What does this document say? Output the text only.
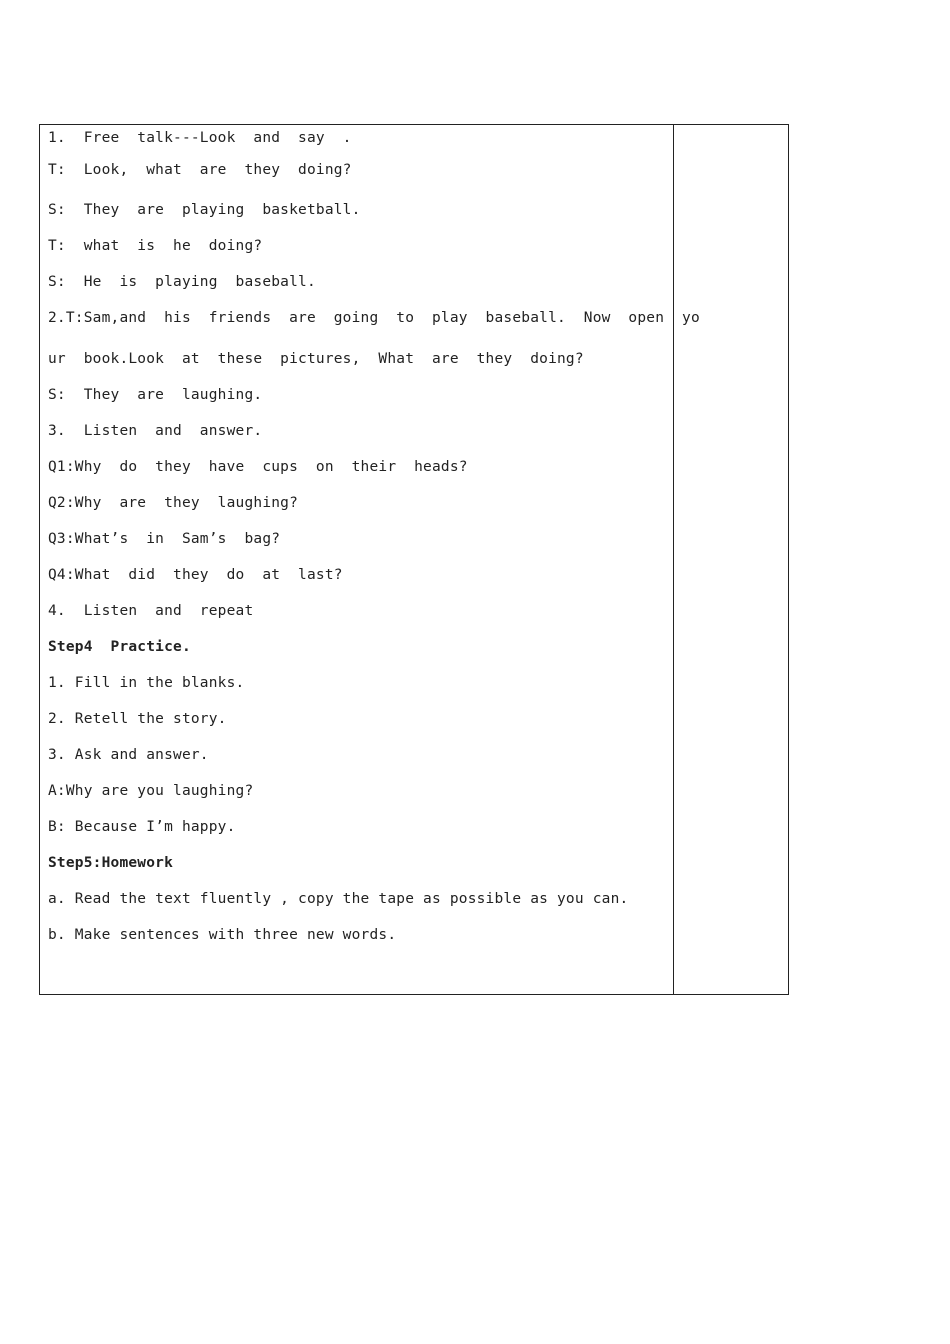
1.  Free  talk---Look  and  say  .
T:  Look,  what  are  they  doing?
S:  They  are  playing  basketball.
T:  what  is  he  doing?
S:  He  is  playing  baseball.
2.T:Sam,and  his  friends  are  going  to  play  baseball.  Now  open  yo
ur  book.Look  at  these  pictures,  What  are  they  doing?
S:  They  are  laughing.
3.  Listen  and  answer.
Q1:Why  do  they  have  cups  on  their  heads?
Q2:Why  are  they  laughing?
Q3:What’s  in  Sam’s  bag?
Q4:What  did  they  do  at  last?
4.  Listen  and  repeat
Step4  Practice.
1. Fill in the blanks.
2. Retell the story.
3. Ask and answer.
A:Why are you laughing?
B: Because I’m happy.
Step5:Homework
a. Read the text fluently , copy the tape as possible as you can.
b. Make sentences with three new words.
